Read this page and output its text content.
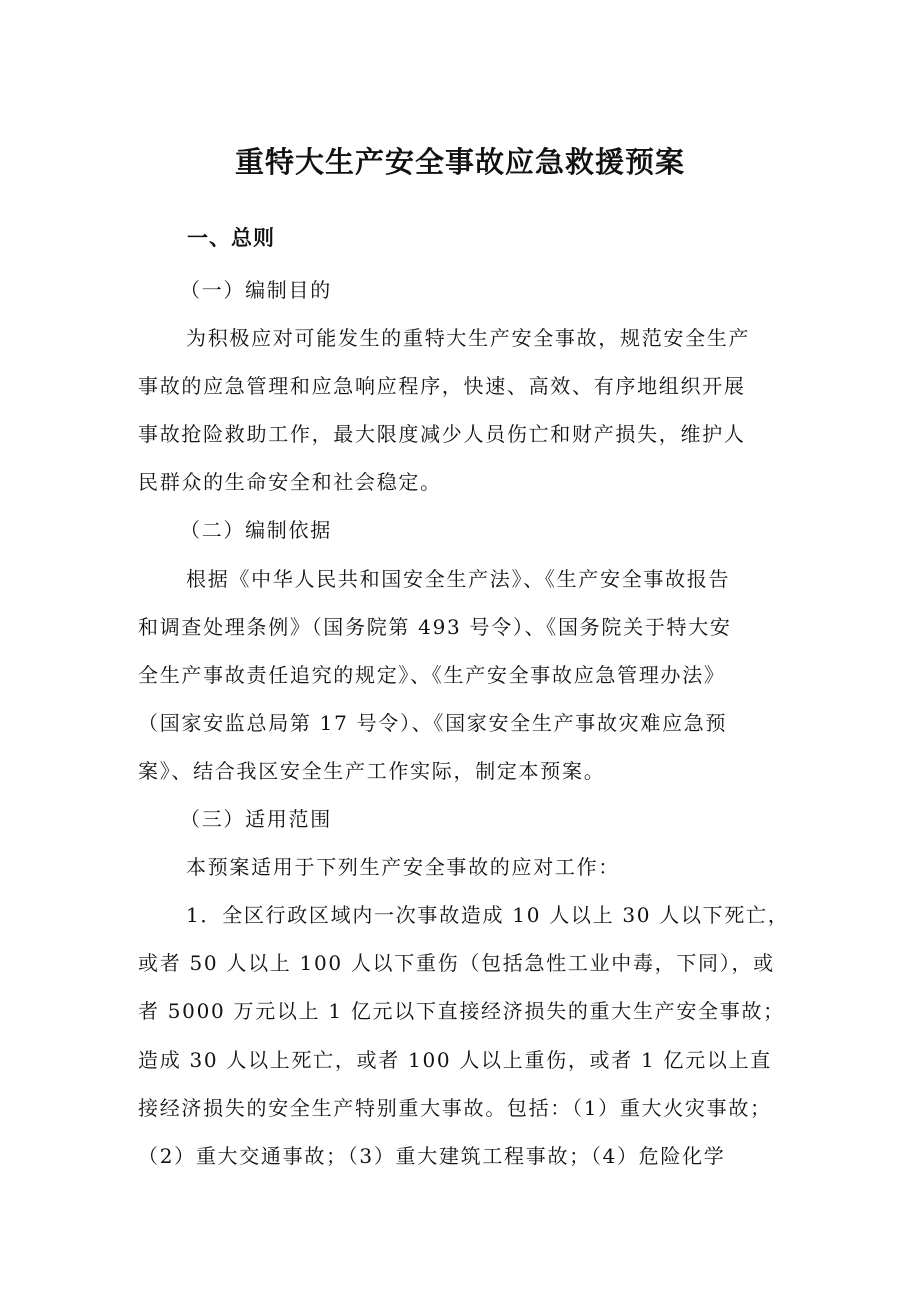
重特大生产安全事故应急救援预案
一、总则
（一）编制目的
为积极应对可能发生的重特大生产安全事故，规范安全生产
事故的应急管理和应急响应程序，快速、高效、有序地组织开展
事故抢险救助工作，最大限度减少人员伤亡和财产损失，维护人
民群众的生命安全和社会稳定。
（二）编制依据
根据《中华人民共和国安全生产法》、《生产安全事故报告
和调查处理条例》（国务院第 493 号令）、《国务院关于特大安
全生产事故责任追究的规定》、《生产安全事故应急管理办法》
（国家安监总局第 17 号令）、《国家安全生产事故灾难应急预
案》、结合我区安全生产工作实际，制定本预案。
（三）适用范围
本预案适用于下列生产安全事故的应对工作：
1．全区行政区域内一次事故造成 10 人以上 30 人以下死亡，
或者 50 人以上 100 人以下重伤（包括急性工业中毒，下同），或
者 5000 万元以上 1 亿元以下直接经济损失的重大生产安全事故；
造成 30 人以上死亡，或者 100 人以上重伤，或者 1 亿元以上直
接经济损失的安全生产特别重大事故。包括：（1）重大火灾事故；
（2）重大交通事故；（3）重大建筑工程事故；（4）危险化学
